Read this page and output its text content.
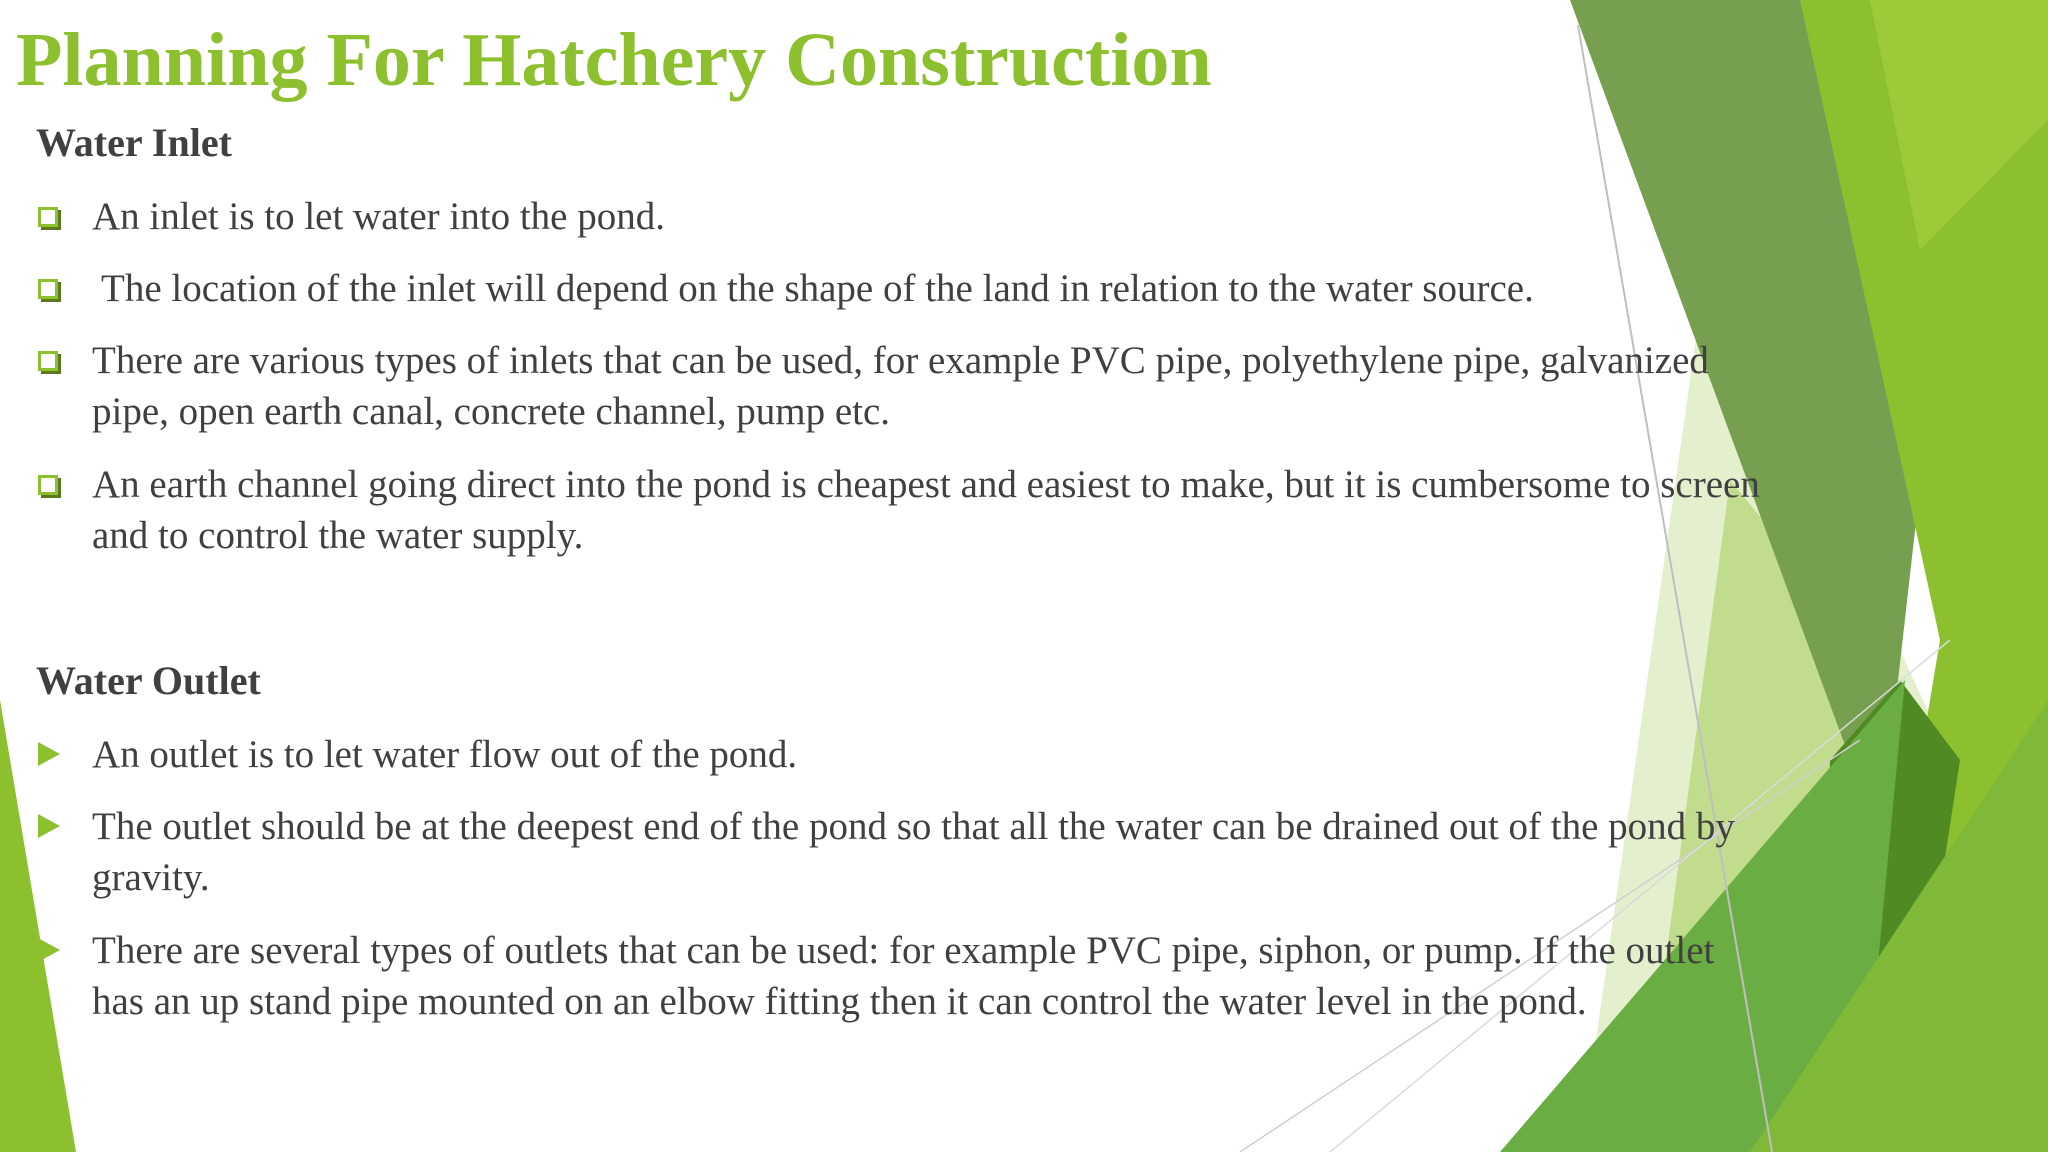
Planning For Hatchery Construction
Water Inlet
An inlet is to let water into the pond.
The location of the inlet will depend on the shape of the land in relation to the water source.
There are various types of inlets that can be used, for example PVC pipe, polyethylene pipe, galvanized pipe, open earth canal, concrete channel, pump etc.
An earth channel going direct into the pond is cheapest and easiest to make, but it is cumbersome to screen and to control the water supply.
Water Outlet
An outlet is to let water flow out of the pond.
The outlet should be at the deepest end of the pond so that all the water can be drained out of the pond by gravity.
There are several types of outlets that can be used: for example PVC pipe, siphon, or pump. If the outlet has an up stand pipe mounted on an elbow fitting then it can control the water level in the pond.
